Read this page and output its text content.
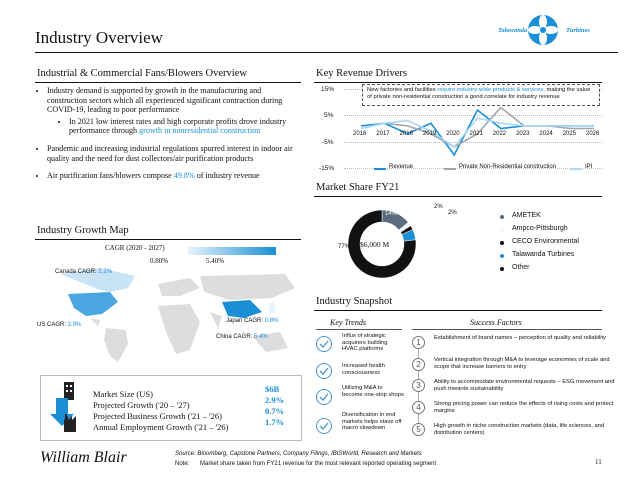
Industry Overview	Talawanda	Turbines
Industrial & Commercial Fans/Blowers Overview
• Industry demand is supported by growth in the manufacturing and construction sectors which all experienced significant contraction during COVID-19, leading to poor performance
• In 2021 low interest rates and high corporate profits drove industry performance through growth in nonresidential construction
• Pandemic and increasing industrial regulations spurred interest in indoor air quality and the need for dust collectors/air purification products
• Air purification fans/blowers compose 49.8% of industry revenue
Industry Growth Map
CAGR (2020 - 2027)
0.80%	5.40%
Canada CAGR: 2.2%
US CAGR: 2.9%
Japan CAGR: 0.8%
China CAGR: 5.4%
Market Size (US)	$6B
Projected Growth ('20 – '27)	2.9%
Projected Business Growth ('21 – '26)	0.7%
Annual Employment Growth ('21 – '26)	1.7%
Key Revenue Drivers
15%
5%
-5%
-15%
2016 2017 2018 2019 2020 2021 2022 2023 2024 2025 2026
New factories and facilities require industry-wide products & services, making the value of private non-residential construction a good correlate for industry revenue
Revenue	Private Non-Residential construction	IPI
Market Share FY21
$6,000 M
14%
2%
2%
5%
77%
AMETEK
Ampco-Pittsburgh
CECO Environmental
Talawanda Turbines
Other
Industry Snapshot
Key Trends	Success Factors
Influx of strategic acquirers building HVAC platforms
Increased health consciousness
Utilizing M&A to become one-stop shops
Diversification in end markets helps stave off macro slowdown
1	Establishment of brand names – perception of quality and reliability
2	Vertical integration through M&A to leverage economies of scale and scope that increase barriers to entry
3	Ability to accommodate environmental requests – ESG movement and push towards sustainability
4	Strong pricing power can reduce the effects of rising costs and protect margins
5	High growth in niche construction markets (data, life sciences, and distribution centers)
William Blair	Source: Bloomberg, Capstone Partners, Company Filings, IBISWorld, Research and Markets
Note: Market share taken from FY21 revenue for the most relevant reported operating segment	11
